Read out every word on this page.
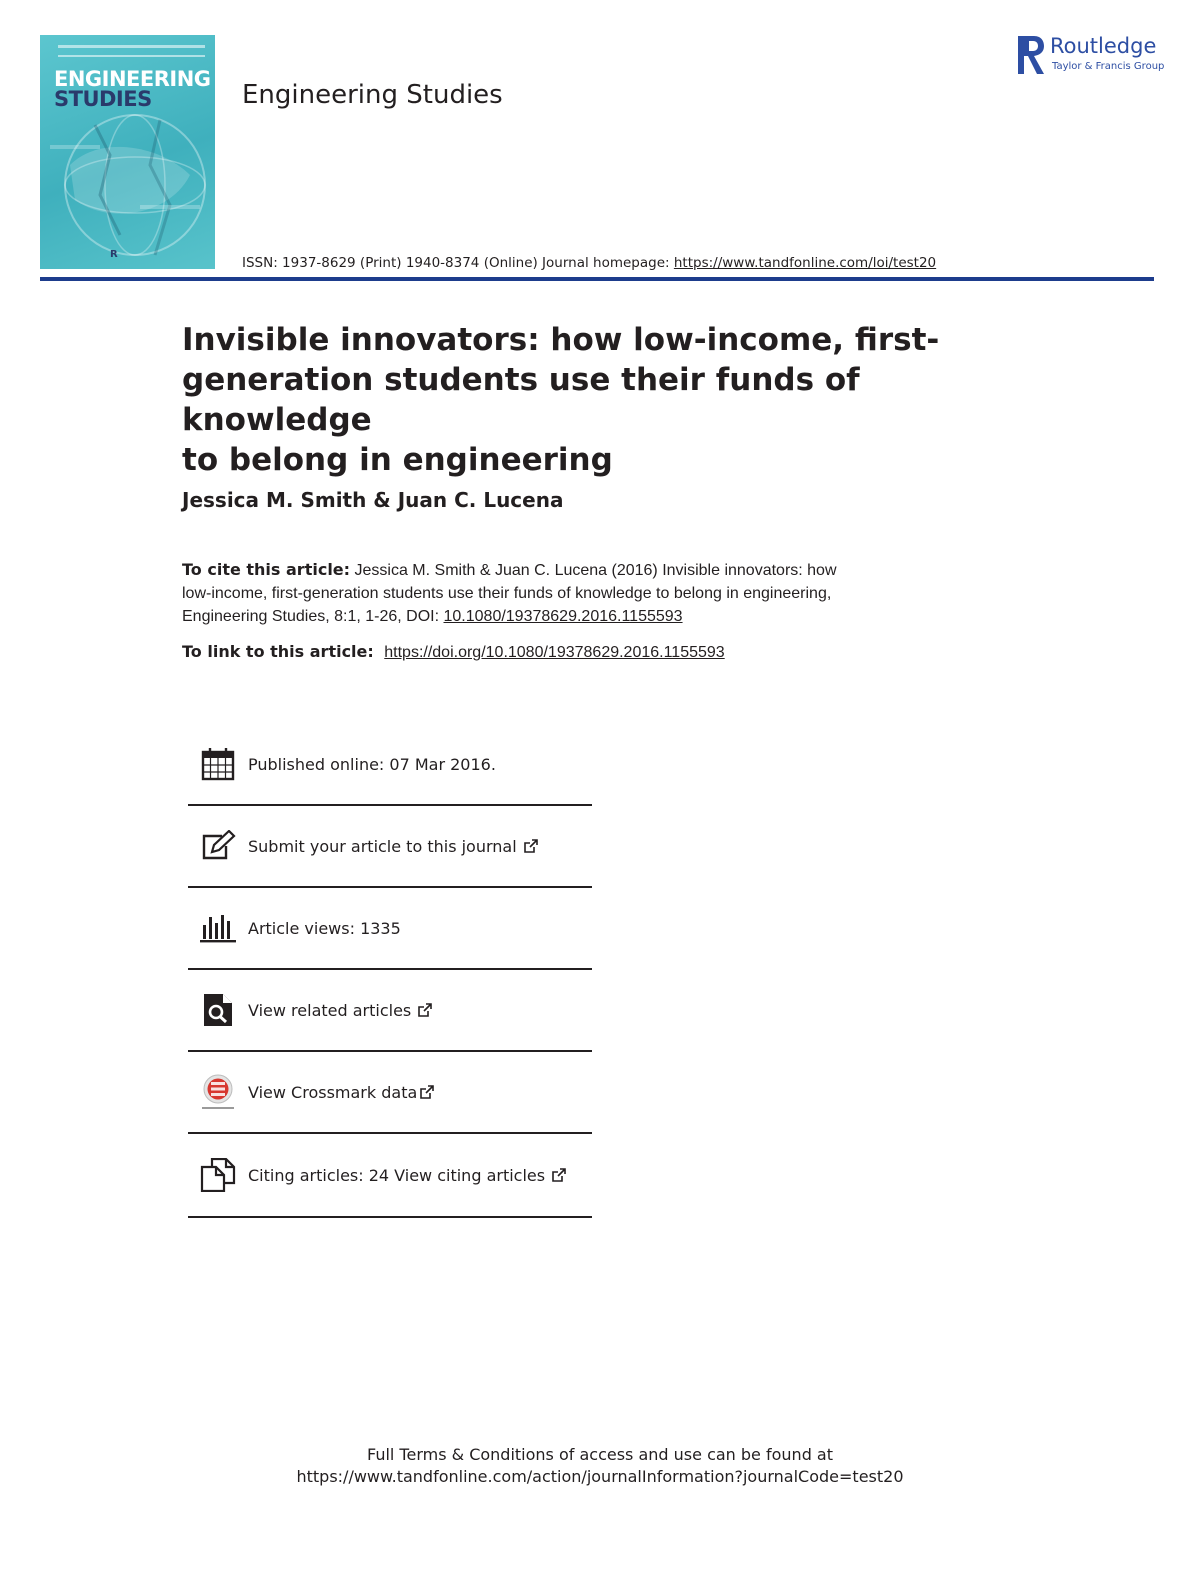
ENGINEERING
STUDIES
R
Engineering Studies
ISSN: 1937-8629 (Print) 1940-8374 (Online) Journal homepage: https://www.tandfonline.com/loi/test20
Routledge
Taylor & Francis Group
Invisible innovators: how low-income, first-
generation students use their funds of knowledge
to belong in engineering
Jessica M. Smith & Juan C. Lucena
To cite this article: Jessica M. Smith & Juan C. Lucena (2016) Invisible innovators: how
low-income, first-generation students use their funds of knowledge to belong in engineering,
Engineering Studies, 8:1, 1-26, DOI: 10.1080/19378629.2016.1155593
To link to this article: https://doi.org/10.1080/19378629.2016.1155593
Published online: 07 Mar 2016.
Submit your article to this journal
Article views: 1335
View related articles
View Crossmark data
Citing articles: 24 View citing articles
Full Terms & Conditions of access and use can be found at
https://www.tandfonline.com/action/journalInformation?journalCode=test20
